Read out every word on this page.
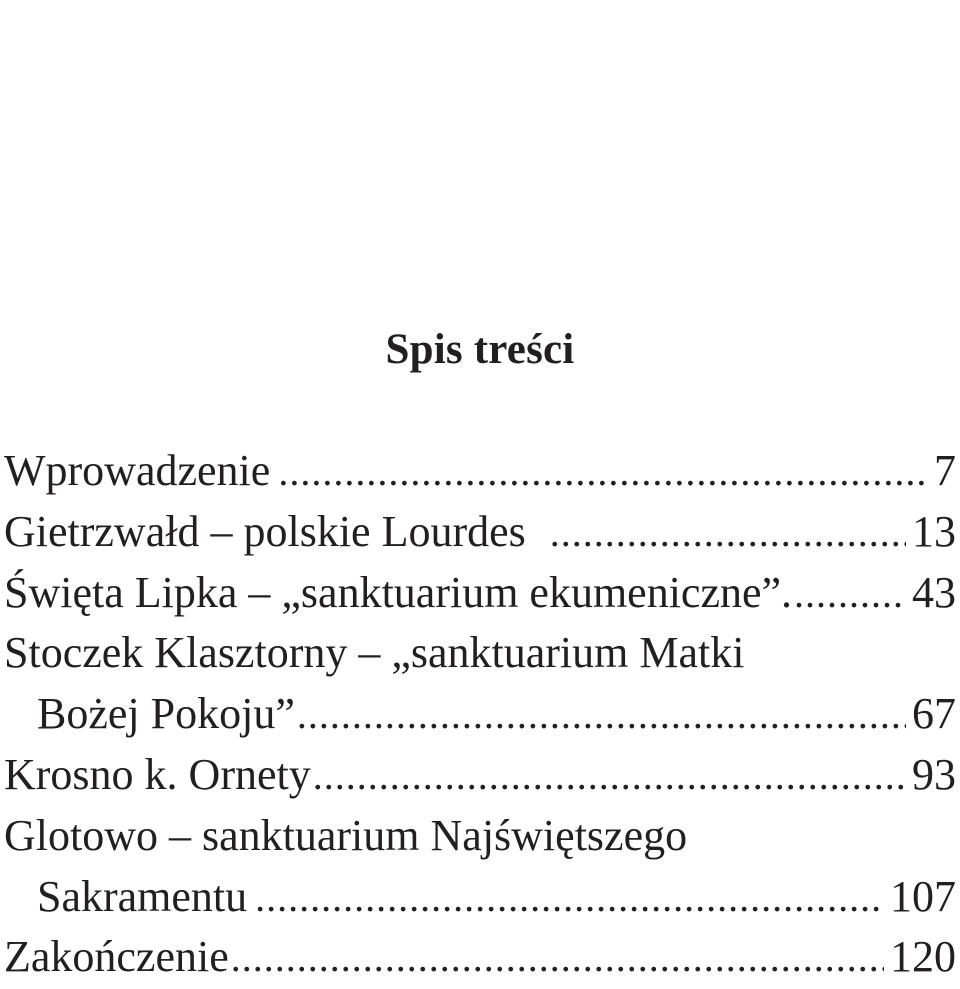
Spis treści
Wprowadzenie .....	7
Gietrzwałd – polskie Lourdes .....	13
Święta Lipka – „sanktuarium ekumeniczne”. .....	43
Stoczek Klasztorny – „sanktuarium Matki
Bożej Pokoju” .....	67
Krosno k. Ornety .....	93
Glotowo – sanktuarium Najświętszego
Sakramentu .....	107
Zakończenie .....	120
